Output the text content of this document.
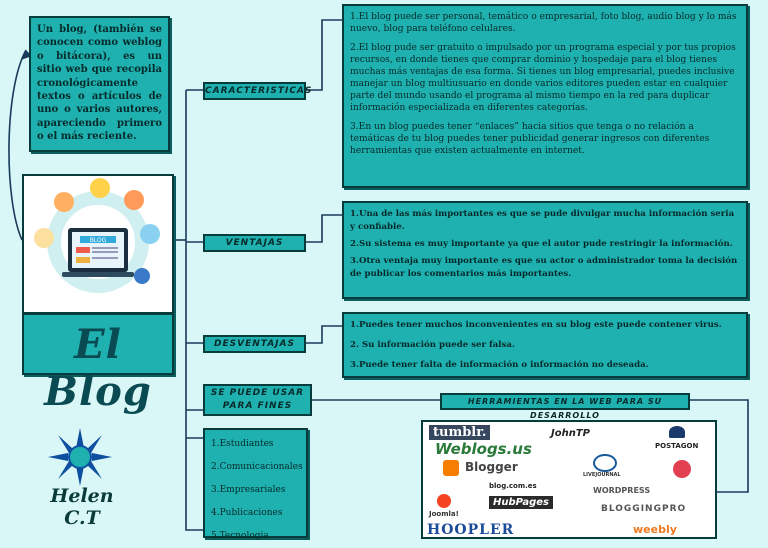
Un blog, (también se conocen como weblog o bitácora), es un sitio web que recopila cronológicamente textos o artículos de uno o varios autores, apareciendo primero o el más reciente.
BLOG
El Blog
CARACTERISTICAS
VENTAJAS
DESVENTAJAS
SE PUEDE USAR
PARA FINES	HERRAMIENTAS EN LA WEB PARA SU DESARROLLO

1.El blog puede ser personal, temático o empresarial, foto blog, audio blog y lo más nuevo, blog para teléfono celulares.

2.El blog pude ser gratuito o impulsado por un programa especial y por tus propios recursos, en donde tienes que comprar dominio y hospedaje para el blog tienes muchas más ventajas de esa forma. Si tienes un blog empresarial, puedes inclusive manejar un blog multiusuario en donde varios editores pueden estar en cualquier parte del mundo usando el programa al mismo tiempo en la red para duplicar información especializada en diferentes categorías.

3.En un blog puedes tener “enlaces” hacia sitios que tenga o no relación a temáticas de tu blog puedes tener publicidad generar ingresos con diferentes herramientas que existen actualmente en internet.

1.Una de las más importantes es que se pude divulgar mucha información seria y confiable.

2.Su sistema es muy importante ya que el autor pude restringir la información.

3.Otra ventaja muy importante es que su actor o administrador toma la decisión de publicar los comentarios más importantes.

1.Puedes tener muchos inconvenientes en su blog este puede contener virus.

2. Su información puede ser falsa.

3.Puede tener falta de información o información no deseada.

1.Estudiantes
2.Comunicacionales
3.Empresariales
4.Publicaciones
5.Tecnologia
tumblr.	JohnTP
POSTAGON
Weblogs.us
Blogger
LIVEJOURNAL
blog.com.es	WORDPRESS
Joomla!
HubPages
BLOGGINGPRO
HOOPLER	weebly
Helen C.T
